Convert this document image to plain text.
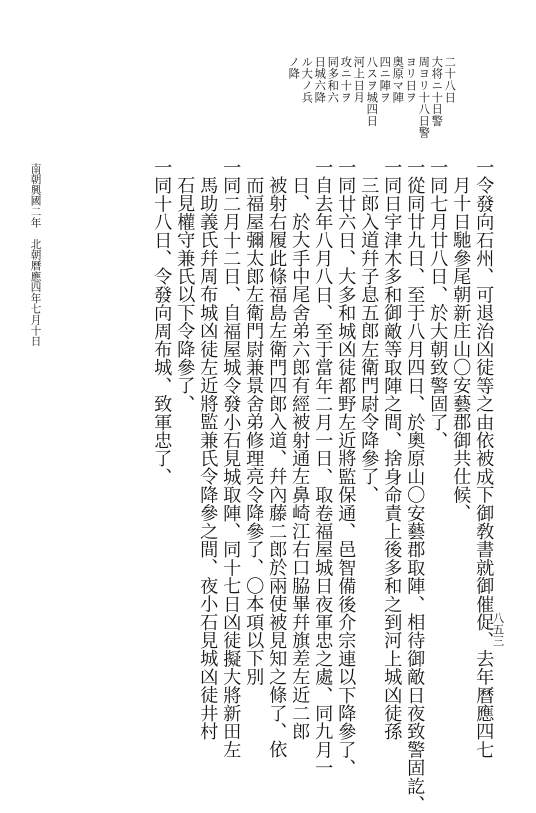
二十八日
大将ニ十日警
周ヨリ十八日警
ヨリ日ヲ
奥原マ陣
四ニ陣ヲ
八スヲ城四日
河上日月
攻ニ十ヲ
同多和六
日城六降
ル大ノ兵
ノ降
一令發向石州、可退治凶徒等之由依被成下御敎書就御催促、去年曆應四七
月十日馳參尾朝新庄山〇安藝郡御共仕候、
一同七月廿八日、於大朝致警固了、
一從同廿九日、至于八月四日、於奧原山〇安藝郡取陣、相待御敵日夜致警固訖、
一同日宇津木多和御敵等取陣之間、捨身命責上後多和之到河上城凶徒孫
三郎入道幷子息五郎左衛門尉令降參了、
一同廿六日、大多和城凶徒都野左近將監保通、邑智備後介宗連以下降參了、
一自去年八月八日、至于當年二月一日、取卷福屋城日夜軍忠之處、同九月一
日、於大手中尾舍弟六郎有經被射通左鼻崎江右口脇畢幷旗差左近二郎
被射右履此條福島左衛門四郎入道、幷內藤二郎於兩使被見知之條了、依
而福屋彌太郎左衛門尉兼景舍弟修理亮令降參了、〇本項以下別
一同二月十二日、自福屋城令發小石見城取陣、同十七日凶徒擬大將新田左
馬助義氏幷周布城凶徒左近將監兼氏令降參之間、夜小石見城凶徒井村
石見權守兼氏以下令降參了、
一同十八日、令發向周布城、致軍忠了、
南朝興國二年　北朝曆應四年七月十日
八五三
